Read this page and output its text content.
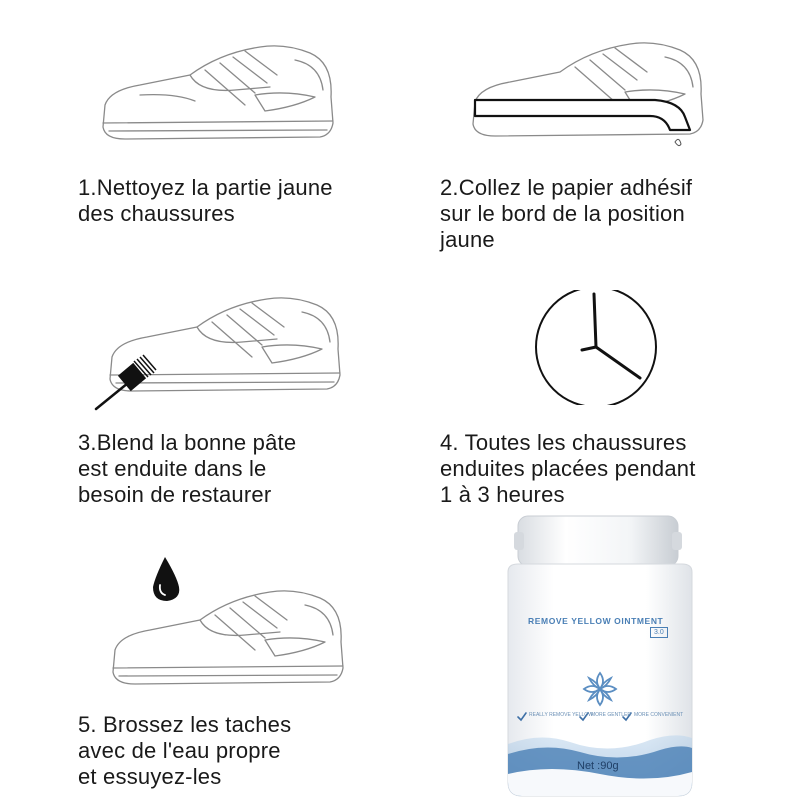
1.Nettoyez la partie jaune
des chaussures

2.Collez le papier adhésif
sur le bord de la position
jaune

3.Blend la bonne pâte
est enduite dans le
besoin de restaurer

4. Toutes les chaussures
enduites placées pendant
1 à 3 heures

5. Brossez les taches
avec de l'eau propre
et essuyez-les

REMOVE YELLOW OINTMENT
3.0
REALLY REMOVE YELLOW
MORE GENTLER MORE CONVENIENT
Net :90g
